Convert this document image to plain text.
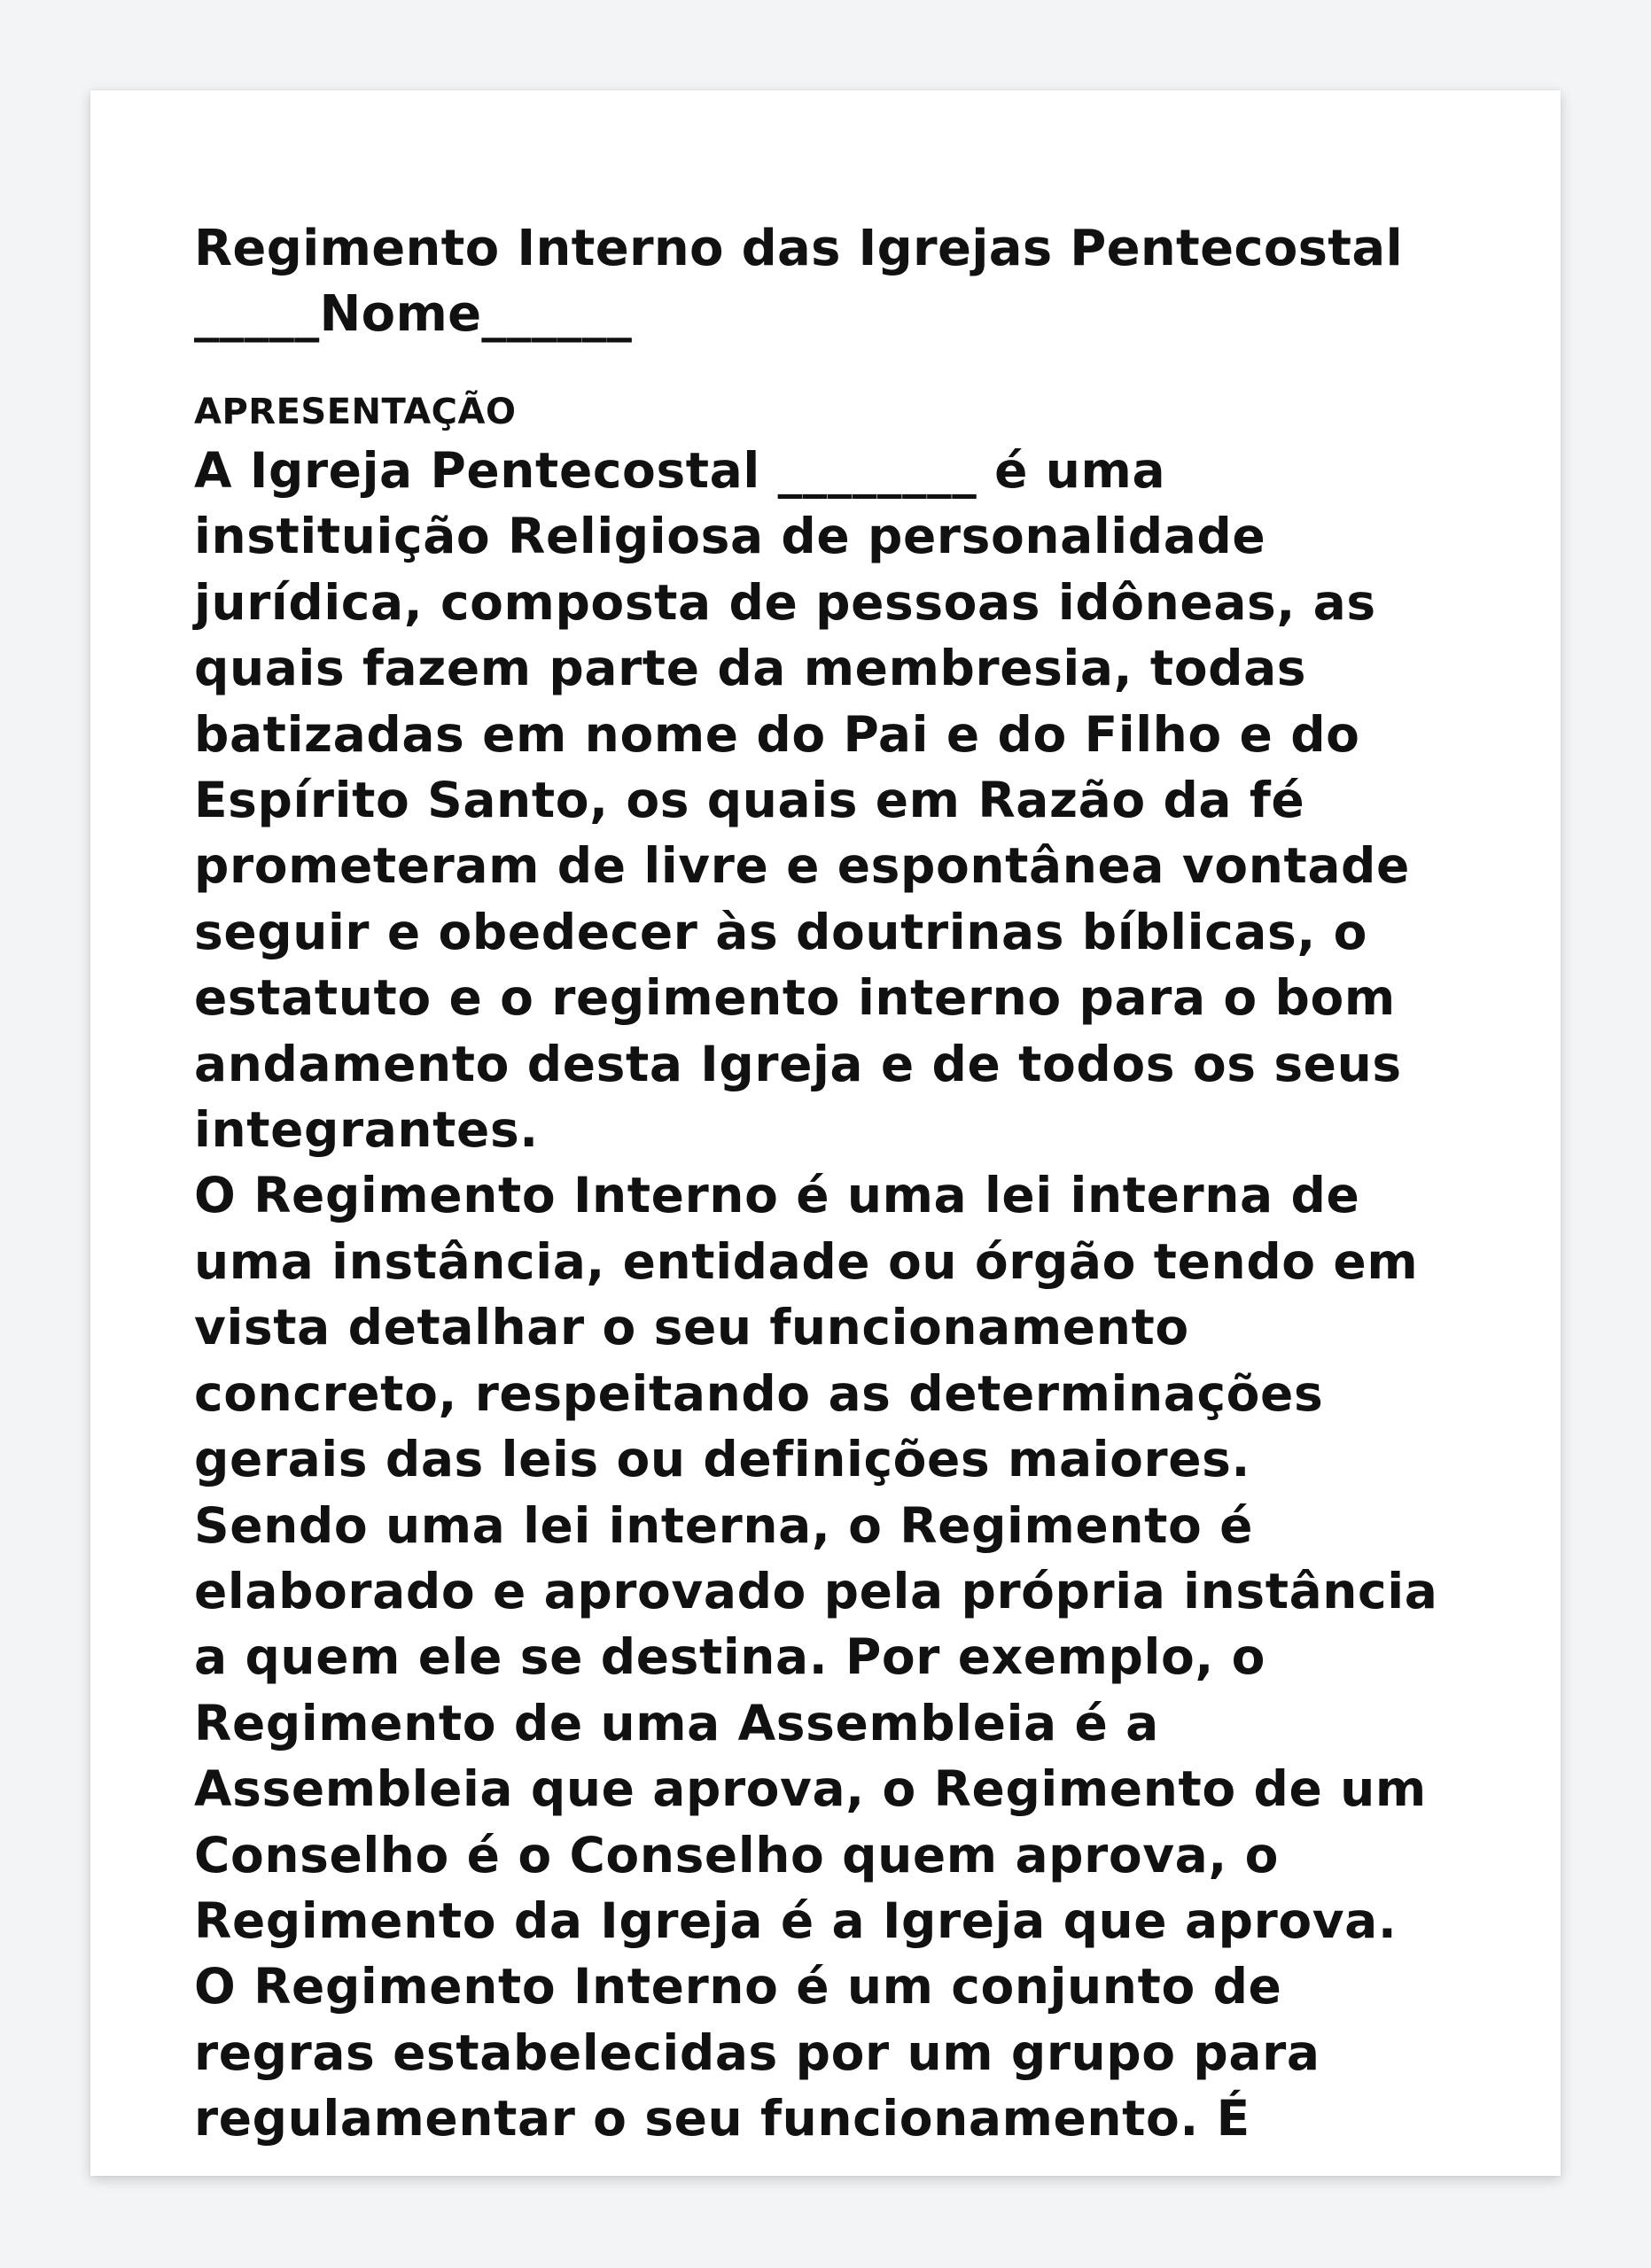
Regimento Interno das Igrejas Pentecostal
_____Nome______
APRESENTAÇÃO

A Igreja Pentecostal ________ é uma
instituição Religiosa de personalidade
jurídica, composta de pessoas idôneas, as
quais fazem parte da membresia, todas
batizadas em nome do Pai e do Filho e do
Espírito Santo, os quais em Razão da fé
prometeram de livre e espontânea vontade
seguir e obedecer às doutrinas bíblicas, o
estatuto e o regimento interno para o bom
andamento desta Igreja e de todos os seus
integrantes.
O Regimento Interno é uma lei interna de
uma instância, entidade ou órgão tendo em
vista detalhar o seu funcionamento
concreto, respeitando as determinações
gerais das leis ou definições maiores.
Sendo uma lei interna, o Regimento é
elaborado e aprovado pela própria instância
a quem ele se destina. Por exemplo, o
Regimento de uma Assembleia é a
Assembleia que aprova, o Regimento de um
Conselho é o Conselho quem aprova, o
Regimento da Igreja é a Igreja que aprova.
O Regimento Interno é um conjunto de
regras estabelecidas por um grupo para
regulamentar o seu funcionamento. É
